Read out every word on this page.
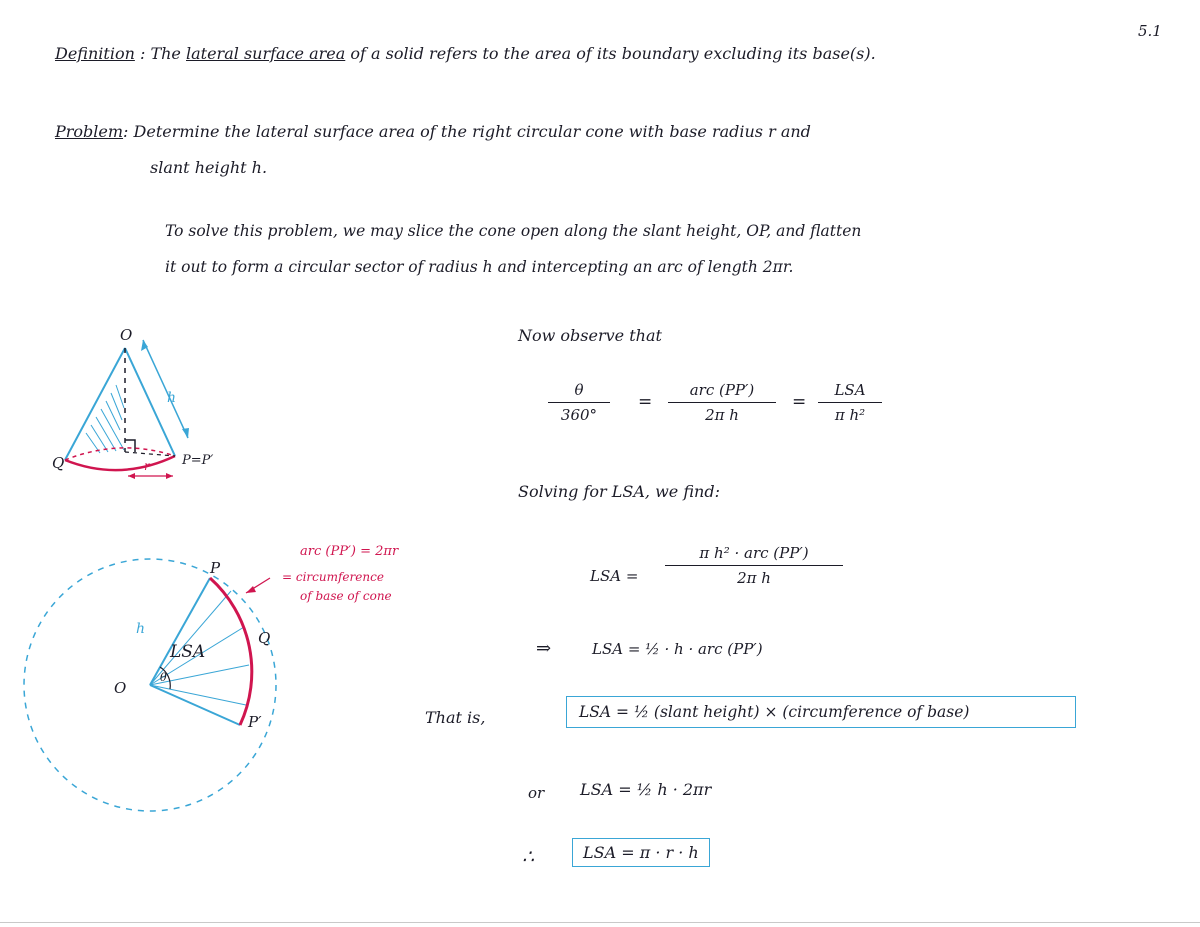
5.1
Definition : The lateral surface area of a solid refers to the area of its boundary excluding its base(s).
Problem: Determine the lateral surface area of the right circular cone with base radius r and
slant height h.
To solve this problem, we may slice the cone open along the slant height, OP, and flatten
it out to form a circular sector of radius h and intercepting an arc of length 2πr.
O
h
Q	P=P′
r
O
P
Q
P′
h
LSA
θ
arc (PP′) = 2πr
= circumference
of base of cone
Now observe that
θ
360°
=
arc (PP′)
2π h
=
LSA
π h²
Solving for LSA, we find:
LSA =
π h² · arc (PP′)
2π h
⇒	LSA = ½ · h · arc (PP′)
That is,	LSA = ½ (slant height) × (circumference of base)
or LSA = ½ h · 2πr
∴	LSA = π · r · h
